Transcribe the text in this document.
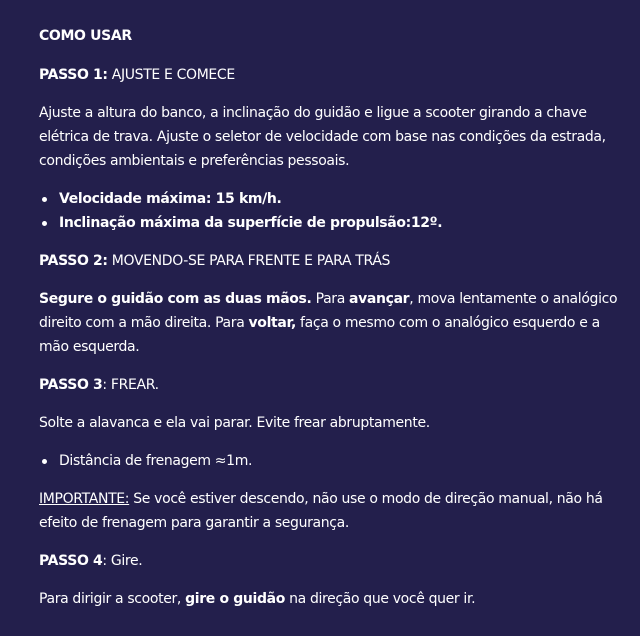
COMO USAR
PASSO 1: AJUSTE E COMECE
Ajuste a altura do banco, a inclinação do guidão e ligue a scooter girando a chave
elétrica de trava. Ajuste o seletor de velocidade com base nas condições da estrada,
condições ambientais e preferências pessoais.
Velocidade máxima: 15 km/h.
Inclinação máxima da superfície de propulsão:12º.
PASSO 2: MOVENDO-SE PARA FRENTE E PARA TRÁS
Segure o guidão com as duas mãos. Para avançar, mova lentamente o analógico
direito com a mão direita. Para voltar, faça o mesmo com o analógico esquerdo e a
mão esquerda.
PASSO 3: FREAR.
Solte a alavanca e ela vai parar. Evite frear abruptamente.
Distância de frenagem ≈1m.
IMPORTANTE: Se você estiver descendo, não use o modo de direção manual, não há
efeito de frenagem para garantir a segurança.
PASSO 4: Gire.
Para dirigir a scooter, gire o guidão na direção que você quer ir.
